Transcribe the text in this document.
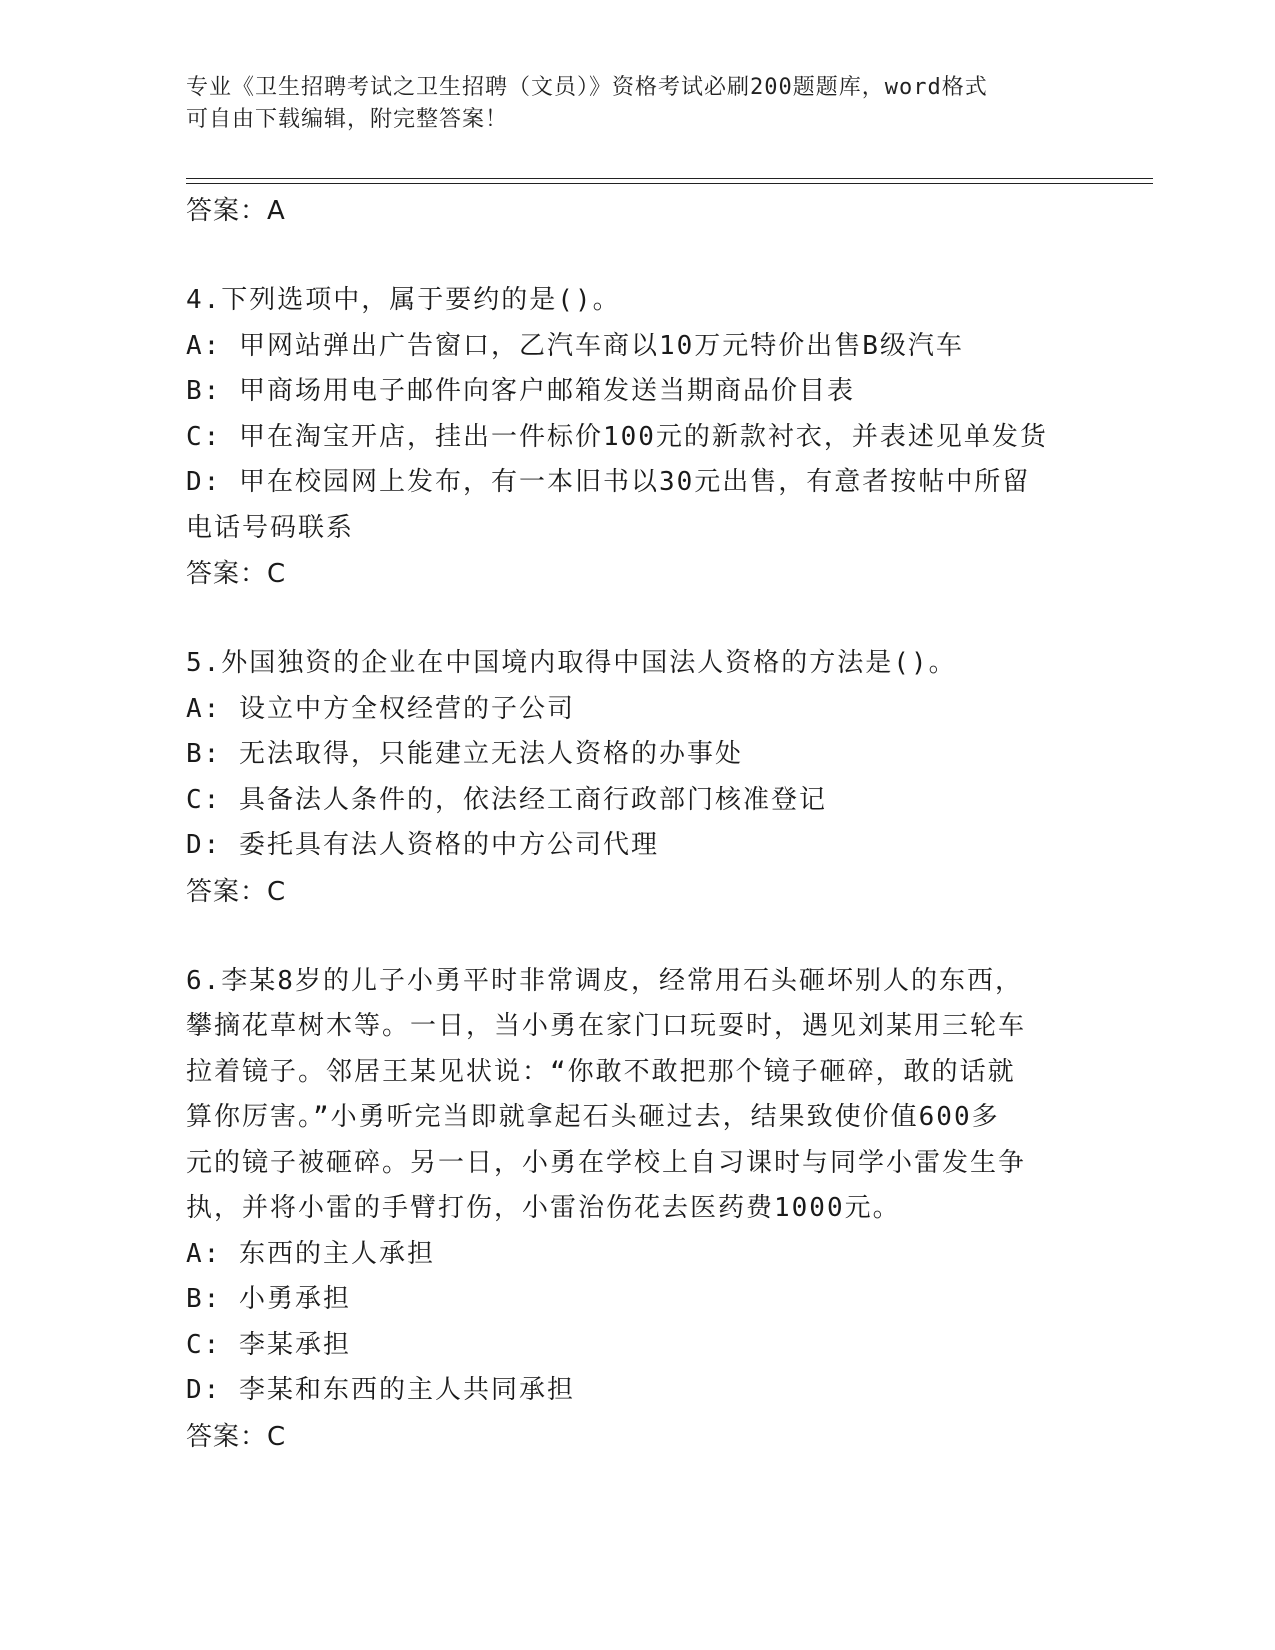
专业《卫生招聘考试之卫生招聘（文员）》资格考试必刷200题题库，word格式
可自由下载编辑，附完整答案！
答案：A
4.下列选项中，属于要约的是()。
A: 甲网站弹出广告窗口，乙汽车商以10万元特价出售B级汽车
B: 甲商场用电子邮件向客户邮箱发送当期商品价目表
C: 甲在淘宝开店，挂出一件标价100元的新款衬衣，并表述见单发货
D: 甲在校园网上发布，有一本旧书以30元出售，有意者按帖中所留
电话号码联系
答案：C
5.外国独资的企业在中国境内取得中国法人资格的方法是()。
A: 设立中方全权经营的子公司
B: 无法取得，只能建立无法人资格的办事处
C: 具备法人条件的，依法经工商行政部门核准登记
D: 委托具有法人资格的中方公司代理
答案：C
6.李某8岁的儿子小勇平时非常调皮，经常用石头砸坏别人的东西，
攀摘花草树木等。一日，当小勇在家门口玩耍时，遇见刘某用三轮车
拉着镜子。邻居王某见状说：“你敢不敢把那个镜子砸碎，敢的话就
算你厉害。”小勇听完当即就拿起石头砸过去，结果致使价值600多
元的镜子被砸碎。另一日，小勇在学校上自习课时与同学小雷发生争
执，并将小雷的手臂打伤，小雷治伤花去医药费1000元。
A: 东西的主人承担
B: 小勇承担
C: 李某承担
D: 李某和东西的主人共同承担
答案：C
